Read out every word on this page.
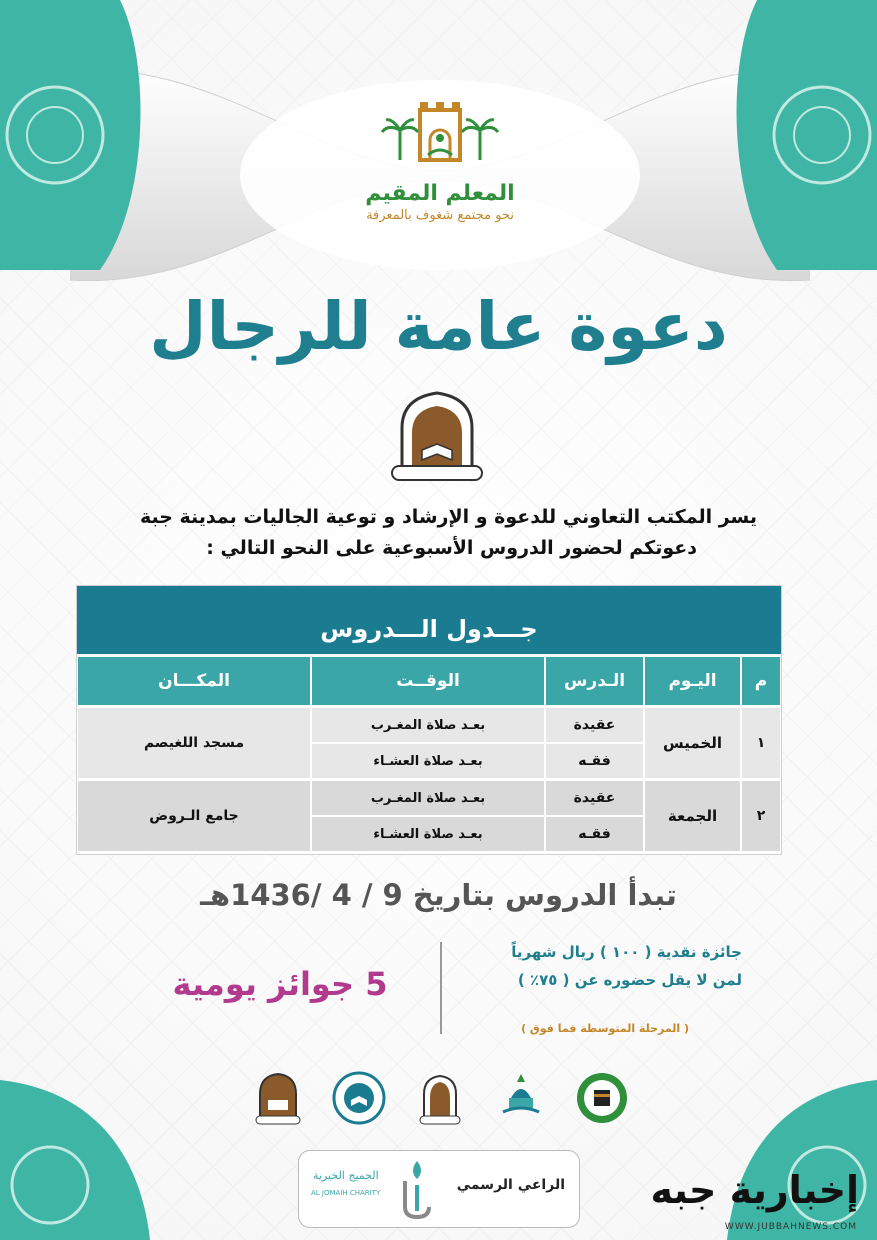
المعلم المقيم
نحو مجتمع شغوف بالمعرفة
دعوة عامة للرجال
يسر المكتب التعاوني للدعوة و الإرشاد و توعية الجاليات بمدينة جبة
دعوتكم لحضور الدروس الأسبوعية على النحو التالي :
جـــدول الـــدروس
م
اليـوم
الـدرس
الوقــت
المكـــان
١
الخميس
عقيدة
فقـه
بعـد صلاة المغـرب
بعـد صلاة العشـاء
مسجد اللغيصم
٢
الجمعة
عقيدة
فقـه
بعـد صلاة المغـرب
بعـد صلاة العشـاء
جامع الـروض
تبدأ الدروس بتاريخ 9 / 4 /1436هـ
جائزة نقدية ( ١٠٠ ) ريال شهرياً
لمن لا يقل حضوره عن ( ٧٥٪ )
( المرحلة المتوسطة فما فوق )
5 جوائز يومية
الراعي الرسمي
الجميح الخيرية
AL JOMAIH CHARITY	إخبارية جبه
WWW.JUBBAHNEWS.COM
